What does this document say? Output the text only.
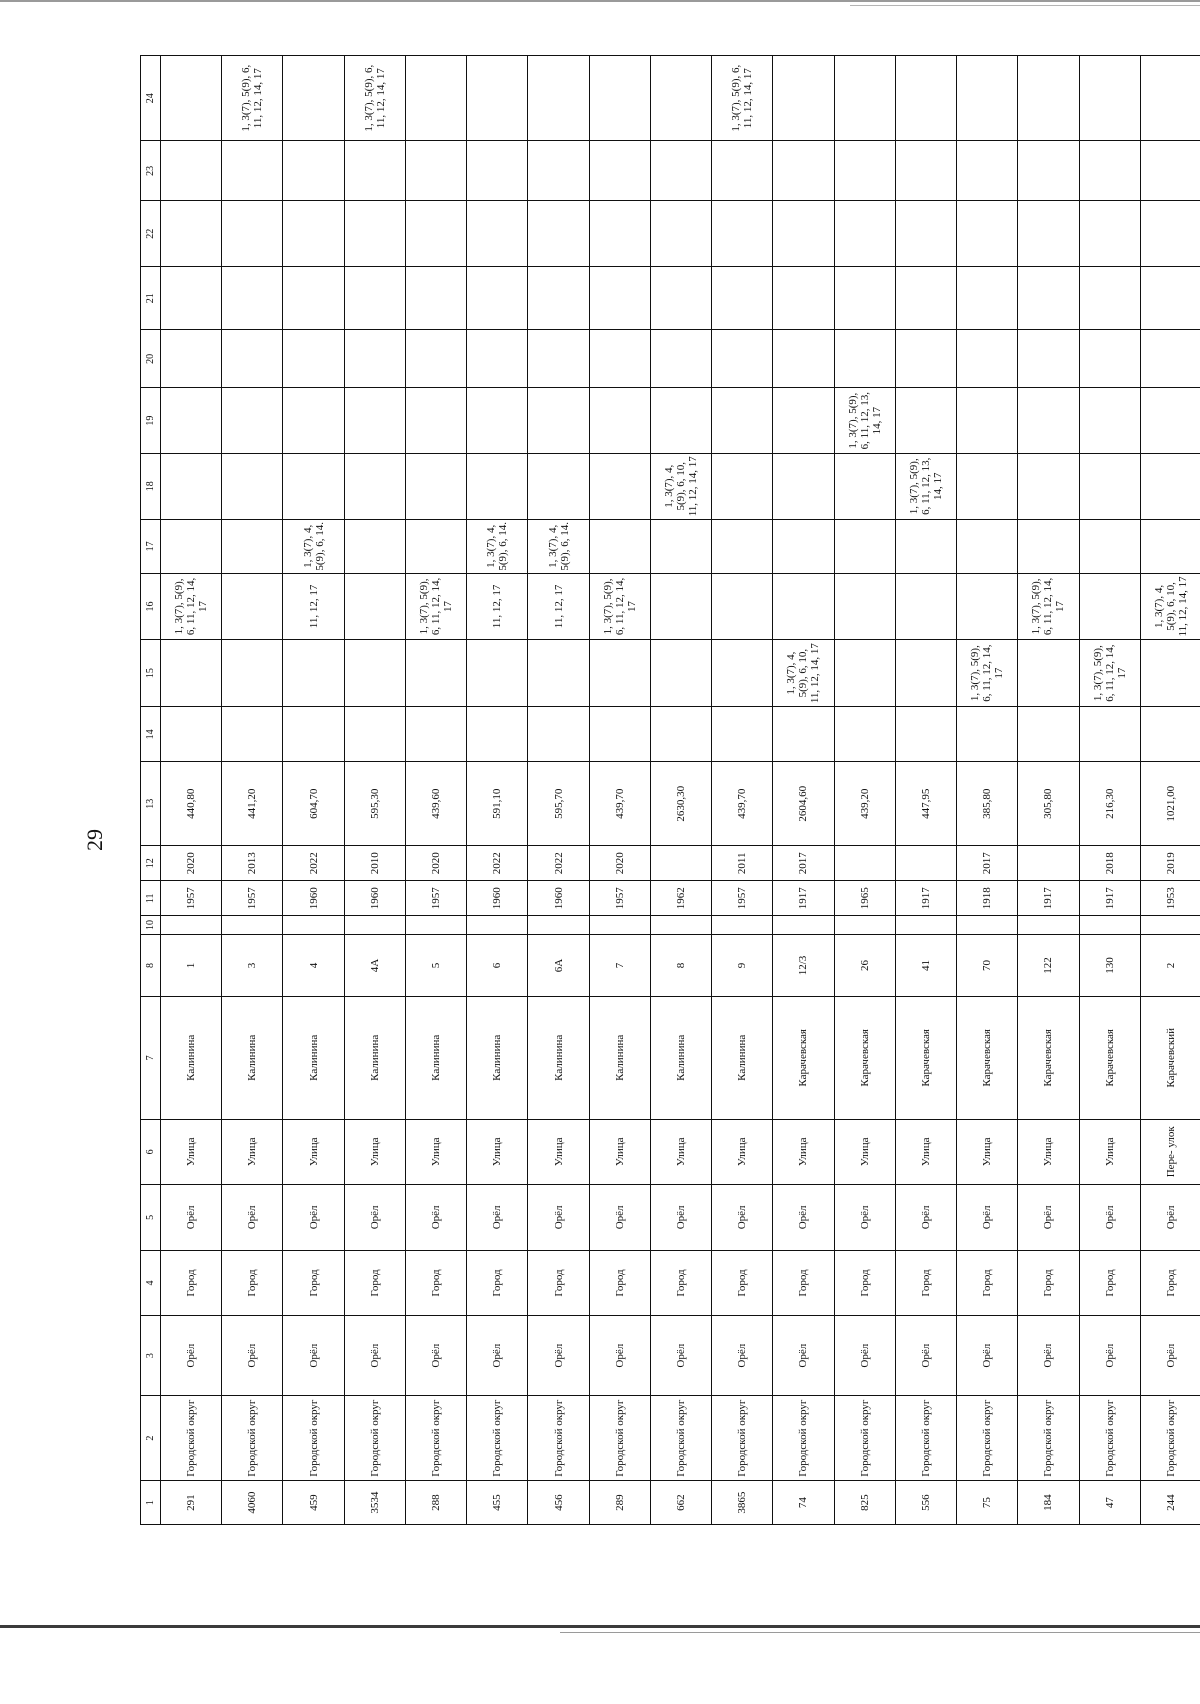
29
1	2	3	4	5	6	7	8	10	11	12	13	14	15	16	17	18	19	20	21	22	23	24
291	Городской округ	Орёл	Город	Орёл	Улица	Калинина	1		1957	2020	440,80			1, 3(7), 5(9), 6, 11, 12, 14, 17								
4060	Городской округ	Орёл	Город	Орёл	Улица	Калинина	3		1957	2013	441,20											1, 3(7), 5(9), 6, 11, 12, 14, 17
459	Городской округ	Орёл	Город	Орёл	Улица	Калинина	4		1960	2022	604,70			11, 12, 17	1, 3(7), 4, 5(9), 6, 14.							
3534	Городской округ	Орёл	Город	Орёл	Улица	Калинина	4А		1960	2010	595,30											1, 3(7), 5(9), 6, 11, 12, 14, 17
288	Городской округ	Орёл	Город	Орёл	Улица	Калинина	5		1957	2020	439,60			1, 3(7), 5(9), 6, 11, 12, 14, 17								
455	Городской округ	Орёл	Город	Орёл	Улица	Калинина	6		1960	2022	591,10			11, 12, 17	1, 3(7), 4, 5(9), 6, 14.							
456	Городской округ	Орёл	Город	Орёл	Улица	Калинина	6А		1960	2022	595,70			11, 12, 17	1, 3(7), 4, 5(9), 6, 14.							
289	Городской округ	Орёл	Город	Орёл	Улица	Калинина	7		1957	2020	439,70			1, 3(7), 5(9), 6, 11, 12, 14, 17								
662	Городской округ	Орёл	Город	Орёл	Улица	Калинина	8		1962		2630,30					1, 3(7), 4, 5(9), 6, 10, 11, 12, 14, 17						
3865	Городской округ	Орёл	Город	Орёл	Улица	Калинина	9		1957	2011	439,70											1, 3(7), 5(9), 6, 11, 12, 14, 17
74	Городской округ	Орёл	Город	Орёл	Улица	Карачевская	12/3		1917	2017	2604,60		1, 3(7), 4, 5(9), 6, 10, 11, 12, 14, 17									
825	Городской округ	Орёл	Город	Орёл	Улица	Карачевская	26		1965		439,20						1, 3(7), 5(9), 6, 11, 12, 13, 14, 17					
556	Городской округ	Орёл	Город	Орёл	Улица	Карачевская	41		1917		447,95					1, 3(7), 5(9), 6, 11, 12, 13, 14, 17						
75	Городской округ	Орёл	Город	Орёл	Улица	Карачевская	70		1918	2017	385,80		1, 3(7), 5(9), 6, 11, 12, 14, 17									
184	Городской округ	Орёл	Город	Орёл	Улица	Карачевская	122		1917		305,80			1, 3(7), 5(9), 6, 11, 12, 14, 17								
47	Городской округ	Орёл	Город	Орёл	Улица	Карачевская	130		1917	2018	216,30		1, 3(7), 5(9), 6, 11, 12, 14, 17									
244	Городской округ	Орёл	Город	Орёл	Пере- улок	Карачевский	2		1953	2019	1021,00			1, 3(7), 4, 5(9), 6, 10, 11, 12, 14, 17								
